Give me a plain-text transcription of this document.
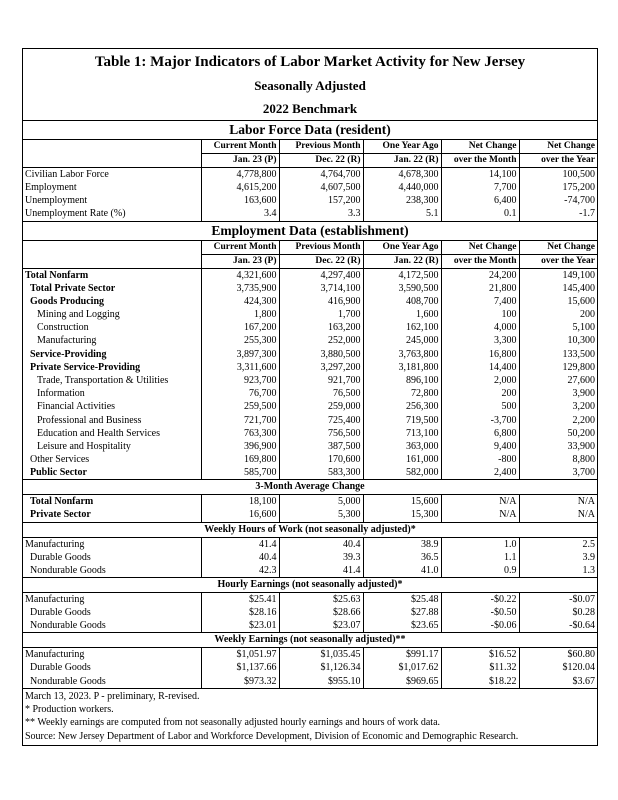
Table 1: Major Indicators of Labor Market Activity for New Jersey
Seasonally Adjusted
2022 Benchmark
Labor Force Data (resident)
	Current Month	Previous Month	One Year Ago	Net Change	Net Change
	Jan. 23 (P)	Dec. 22 (R)	Jan. 22 (R)	over the Month	over the Year
Civilian Labor Force	4,778,800	4,764,700	4,678,300	14,100	100,500
Employment	4,615,200	4,607,500	4,440,000	7,700	175,200
Unemployment	163,600	157,200	238,300	6,400	-74,700
Unemployment Rate (%)	3.4	3.3	5.1	0.1	-1.7
Employment Data (establishment)
	Current Month	Previous Month	One Year Ago	Net Change	Net Change
	Jan. 23 (P)	Dec. 22 (R)	Jan. 22 (R)	over the Month	over the Year
Total Nonfarm	4,321,600	4,297,400	4,172,500	24,200	149,100
Total Private Sector	3,735,900	3,714,100	3,590,500	21,800	145,400
Goods Producing	424,300	416,900	408,700	7,400	15,600
Mining and Logging	1,800	1,700	1,600	100	200
Construction	167,200	163,200	162,100	4,000	5,100
Manufacturing	255,300	252,000	245,000	3,300	10,300
Service-Providing	3,897,300	3,880,500	3,763,800	16,800	133,500
Private Service-Providing	3,311,600	3,297,200	3,181,800	14,400	129,800
Trade, Transportation & Utilities	923,700	921,700	896,100	2,000	27,600
Information	76,700	76,500	72,800	200	3,900
Financial Activities	259,500	259,000	256,300	500	3,200
Professional and Business	721,700	725,400	719,500	-3,700	2,200
Education and Health Services	763,300	756,500	713,100	6,800	50,200
Leisure and Hospitality	396,900	387,500	363,000	9,400	33,900
Other Services	169,800	170,600	161,000	-800	8,800
Public Sector	585,700	583,300	582,000	2,400	3,700
3-Month Average Change
Total Nonfarm	18,100	5,000	15,600	N/A	N/A
Private Sector	16,600	5,300	15,300	N/A	N/A
Weekly Hours of Work (not seasonally adjusted)*
Manufacturing	41.4	40.4	38.9	1.0	2.5
Durable Goods	40.4	39.3	36.5	1.1	3.9
Nondurable Goods	42.3	41.4	41.0	0.9	1.3
Hourly Earnings (not seasonally adjusted)*
Manufacturing	$25.41	$25.63	$25.48	-$0.22	-$0.07
Durable Goods	$28.16	$28.66	$27.88	-$0.50	$0.28
Nondurable Goods	$23.01	$23.07	$23.65	-$0.06	-$0.64
Weekly Earnings (not seasonally adjusted)**
Manufacturing	$1,051.97	$1,035.45	$991.17	$16.52	$60.80
Durable Goods	$1,137.66	$1,126.34	$1,017.62	$11.32	$120.04
Nondurable Goods	$973.32	$955.10	$969.65	$18.22	$3.67
March 13, 2023. P - preliminary, R-revised.
* Production workers.
** Weekly earnings are computed from not seasonally adjusted hourly earnings and hours of work data.
Source: New Jersey Department of Labor and Workforce Development, Division of Economic and Demographic Research.
